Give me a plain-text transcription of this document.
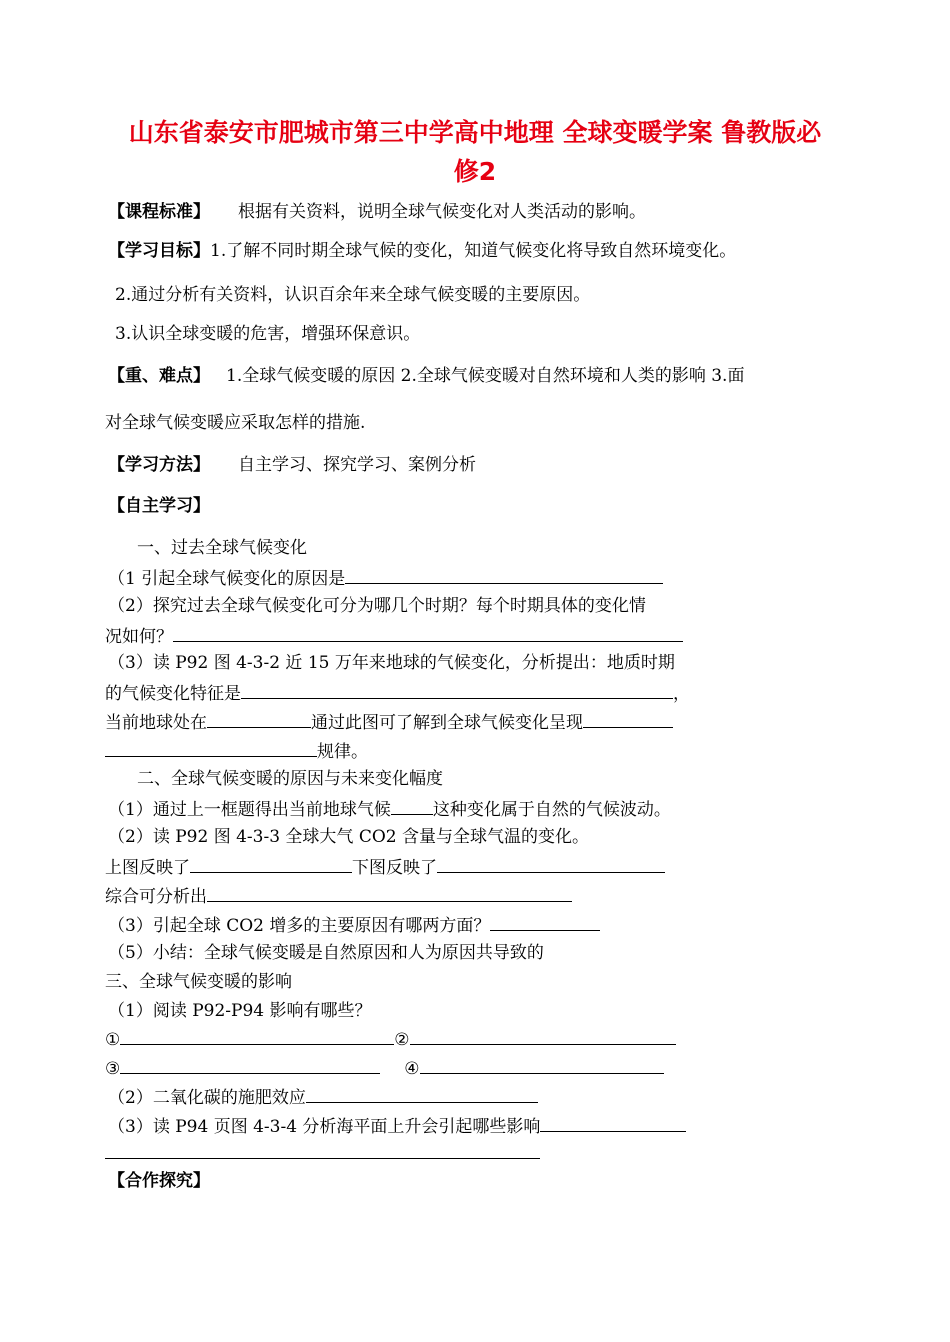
山东省泰安市肥城市第三中学高中地理 全球变暖学案 鲁教版必
修2
【课程标准】 根据有关资料，说明全球气候变化对人类活动的影响。
【学习目标】1.了解不同时期全球气候的变化，知道气候变化将导致自然环境变化。
2.通过分析有关资料，认识百余年来全球气候变暖的主要原因。
3.认识全球变暖的危害，增强环保意识。
【重、难点】 1.全球气候变暖的原因 2.全球气候变暖对自然环境和人类的影响 3.面
对全球气候变暖应采取怎样的措施.
【学习方法】 自主学习、探究学习、案例分析
【自主学习】
一、过去全球气候变化
（1 引起全球气候变化的原因是
（2）探究过去全球气候变化可分为哪几个时期？每个时期具体的变化情
况如何？
（3）读 P92 图 4-3-2 近 15 万年来地球的气候变化，分析提出：地质时期
的气候变化特征是	，
当前地球处在	通过此图可了解到全球气候变化呈现
规律。
二、全球气候变暖的原因与未来变化幅度
（1）通过上一框题得出当前地球气候 这种变化属于自然的气候波动。
（2）读 P92 图 4-3-3 全球大气 CO2 含量与全球气温的变化。
上图反映了	下图反映了
综合可分析出
（3）引起全球 CO2 增多的主要原因有哪两方面？
（5）小结：全球气候变暖是自然原因和人为原因共导致的
三、全球气候变暖的影响
（1）阅读 P92-P94 影响有哪些？
①	②
③	④
（2）二氧化碳的施肥效应
（3）读 P94 页图 4-3-4 分析海平面上升会引起哪些影响
【合作探究】
